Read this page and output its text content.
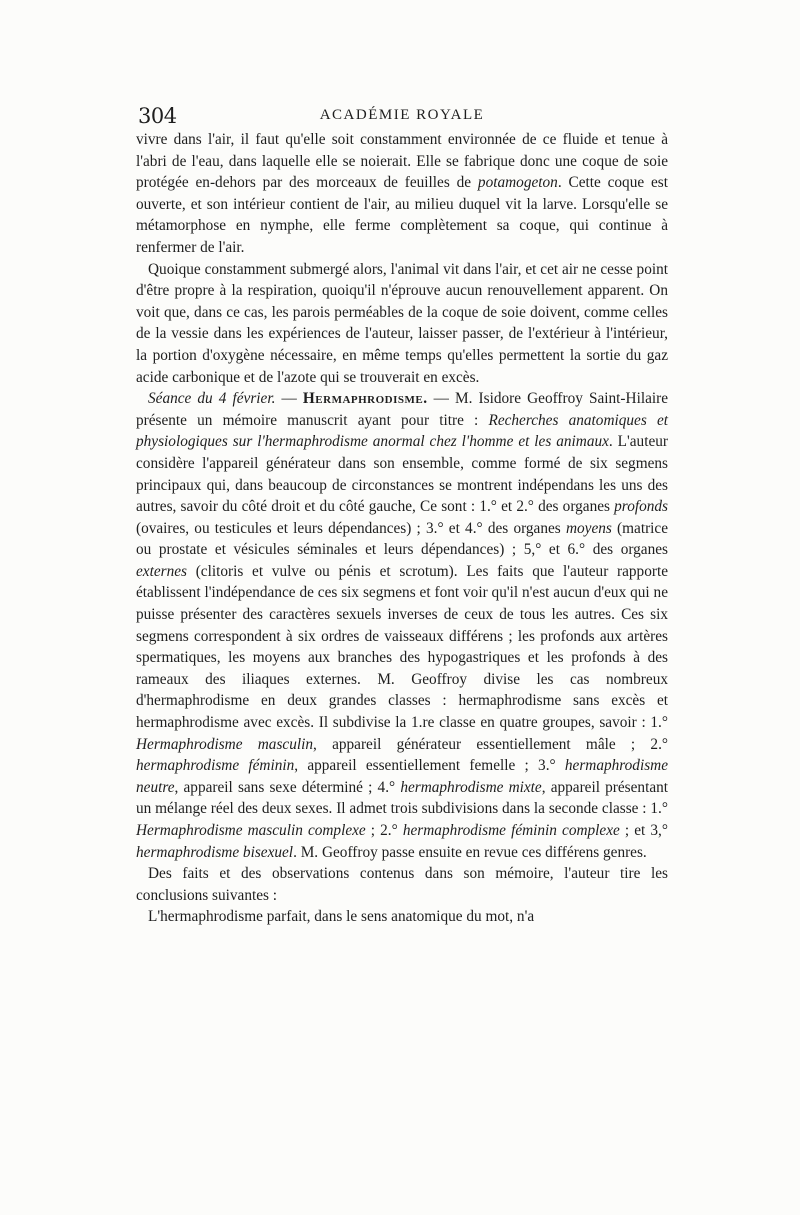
304	ACADÉMIE ROYALE

vivre dans l'air, il faut qu'elle soit constamment environnée de ce fluide et tenue à l'abri de l'eau, dans laquelle elle se noierait. Elle se fabrique donc une coque de soie protégée en-dehors par des morceaux de feuilles de potamogeton. Cette coque est ouverte, et son intérieur contient de l'air, au milieu duquel vit la larve. Lorsqu'elle se métamorphose en nymphe, elle ferme complètement sa coque, qui continue à renfermer de l'air.

Quoique constamment submergé alors, l'animal vit dans l'air, et cet air ne cesse point d'être propre à la respiration, quoiqu'il n'éprouve aucun renouvellement apparent. On voit que, dans ce cas, les parois perméables de la coque de soie doivent, comme celles de la vessie dans les expériences de l'auteur, laisser passer, de l'extérieur à l'intérieur, la portion d'oxygène nécessaire, en même temps qu'elles permettent la sortie du gaz acide carbonique et de l'azote qui se trouverait en excès.

Séance du 4 février. — Hermaphrodisme. — M. Isidore Geoffroy Saint-Hilaire présente un mémoire manuscrit ayant pour titre : Recherches anatomiques et physiologiques sur l'hermaphrodisme anormal chez l'homme et les animaux. L'auteur considère l'appareil générateur dans son ensemble, comme formé de six segmens principaux qui, dans beaucoup de circonstances se montrent indépendans les uns des autres, savoir du côté droit et du côté gauche, Ce sont : 1.° et 2.° des organes profonds (ovaires, ou testicules et leurs dépendances) ; 3.° et 4.° des organes moyens (matrice ou prostate et vésicules séminales et leurs dépendances) ; 5,° et 6.° des organes externes (clitoris et vulve ou pénis et scrotum). Les faits que l'auteur rapporte établissent l'indépendance de ces six segmens et font voir qu'il n'est aucun d'eux qui ne puisse présenter des caractères sexuels inverses de ceux de tous les autres. Ces six segmens correspondent à six ordres de vaisseaux différens ; les profonds aux artères spermatiques, les moyens aux branches des hypogastriques et les profonds à des rameaux des iliaques externes. M. Geoffroy divise les cas nombreux d'hermaphrodisme en deux grandes classes : hermaphrodisme sans excès et hermaphrodisme avec excès. Il subdivise la 1.re classe en quatre groupes, savoir : 1.° Hermaphrodisme masculin, appareil générateur essentiellement mâle ; 2.° hermaphrodisme féminin, appareil essentiellement femelle ; 3.° hermaphrodisme neutre, appareil sans sexe déterminé ; 4.° hermaphrodisme mixte, appareil présentant un mélange réel des deux sexes. Il admet trois subdivisions dans la seconde classe : 1.° Hermaphrodisme masculin complexe ; 2.° hermaphrodisme féminin complexe ; et 3,° hermaphrodisme bisexuel. M. Geoffroy passe ensuite en revue ces différens genres.

Des faits et des observations contenus dans son mémoire, l'auteur tire les conclusions suivantes :

L'hermaphrodisme parfait, dans le sens anatomique du mot, n'a
